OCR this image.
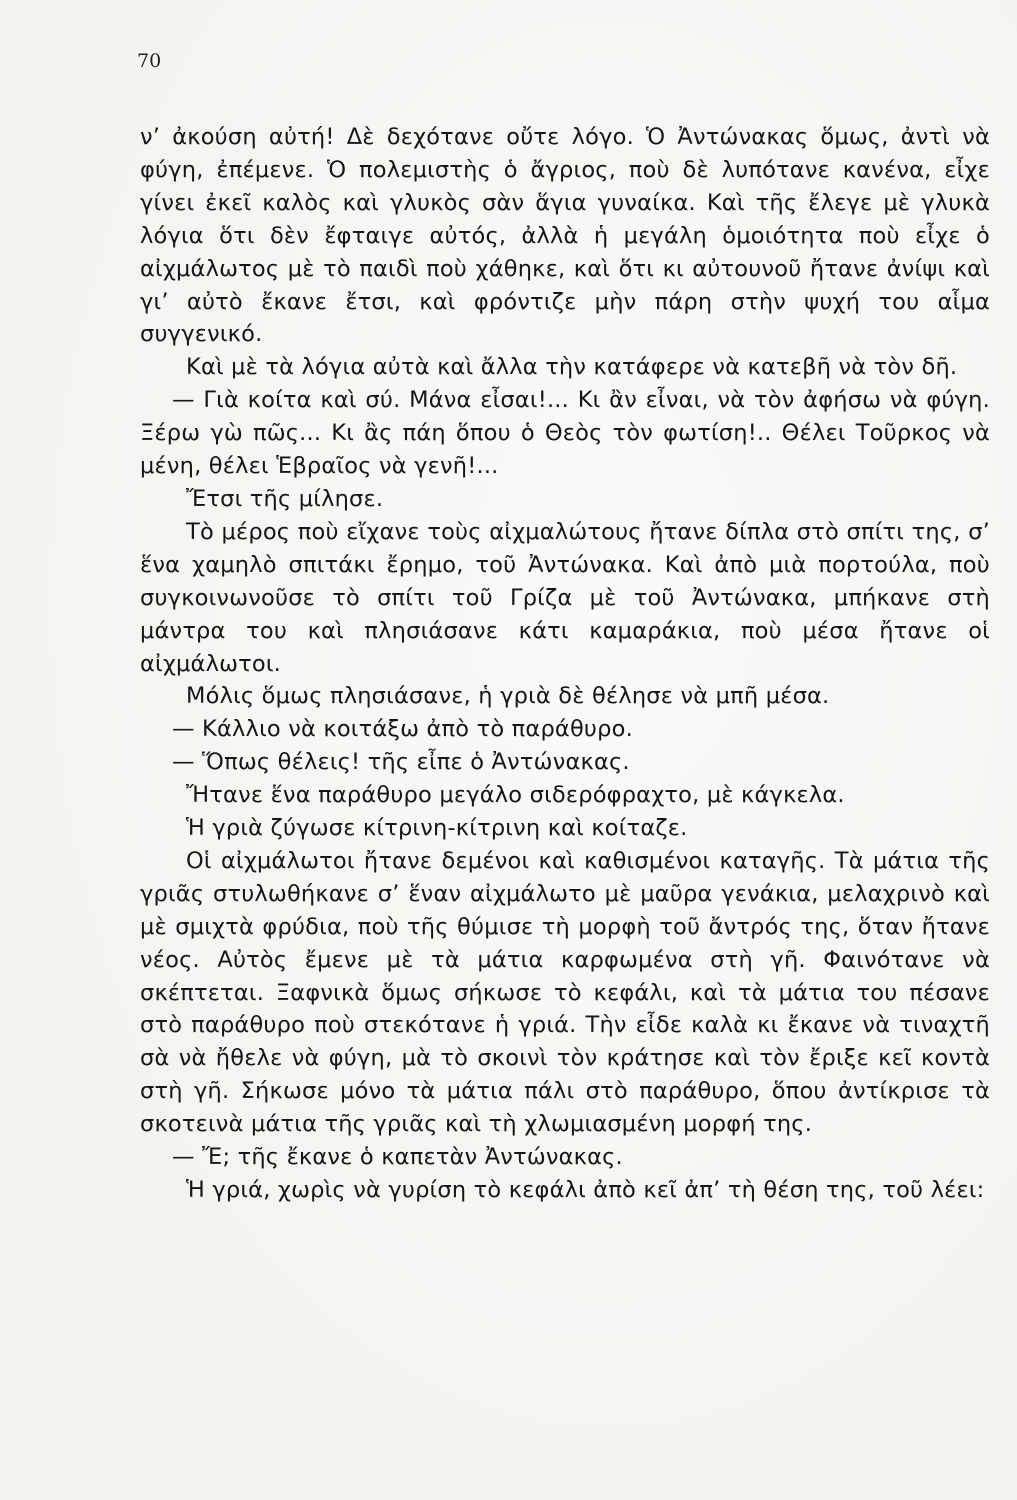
70

ν’ ἀκούση αὐτή! Δὲ δεχότανε οὔτε λόγο. Ὁ Ἀντώνακας ὅμως, ἀντὶ νὰ φύγη, ἐπέμενε. Ὁ πολεμιστὴς ὁ ἄγριος, ποὺ δὲ λυπότανε κανένα, εἶχε γίνει ἐκεῖ καλὸς καὶ γλυκὸς σὰν ἅγια γυναίκα. Καὶ τῆς ἔλεγε μὲ γλυκὰ λόγια ὅτι δὲν ἔφταιγε αὐτός, ἀλλὰ ἡ μεγάλη ὁμοιότητα ποὺ εἶχε ὁ αἰχμάλωτος μὲ τὸ παιδὶ ποὺ χάθηκε, καὶ ὅτι κι αὐτουνοῦ ἤτανε ἀνίψι καὶ γι’ αὐτὸ ἔκανε ἔτσι, καὶ φρόντιζε μὴν πάρη στὴν ψυχή του αἷμα συγγενικό.

Καὶ μὲ τὰ λόγια αὐτὰ καὶ ἄλλα τὴν κατάφερε νὰ κατεβῆ νὰ τὸν δῆ.

— Γιὰ κοίτα καὶ σύ. Μάνα εἶσαι!... Κι ἂν εἶναι, νὰ τὸν ἀφήσω νὰ φύγη. Ξέρω γὼ πῶς... Κι ἂς πάη ὅπου ὁ Θεὸς τὸν φωτίση!.. Θέλει Τοῦρκος νὰ μένη, θέλει Ἑβραῖος νὰ γενῆ!...

Ἔτσι τῆς μίλησε.

Τὸ μέρος ποὺ εἴχανε τοὺς αἰχμαλώτους ἤτανε δίπλα στὸ σπίτι της, σ’ ἕνα χαμηλὸ σπιτάκι ἔρημο, τοῦ Ἀντώνακα. Καὶ ἀπὸ μιὰ πορτούλα, ποὺ συγκοινωνοῦσε τὸ σπίτι τοῦ Γρίζα μὲ τοῦ Ἀντώνακα, μπήκανε στὴ μάντρα του καὶ πλησιάσανε κάτι καμαράκια, ποὺ μέσα ἤτανε οἱ αἰχμάλωτοι.

Μόλις ὅμως πλησιάσανε, ἡ γριὰ δὲ θέλησε νὰ μπῆ μέσα.

— Κάλλιο νὰ κοιτάξω ἀπὸ τὸ παράθυρο.

— Ὅπως θέλεις! τῆς εἶπε ὁ Ἀντώνακας.

Ἤτανε ἕνα παράθυρο μεγάλο σιδερόφραχτο, μὲ κάγκελα.

Ἡ γριὰ ζύγωσε κίτρινη-κίτρινη καὶ κοίταζε.

Οἱ αἰχμάλωτοι ἤτανε δεμένοι καὶ καθισμένοι καταγῆς. Τὰ μάτια τῆς γριᾶς στυλωθήκανε σ’ ἕναν αἰχμάλωτο μὲ μαῦρα γενάκια, μελαχρινὸ καὶ μὲ σμιχτὰ φρύδια, ποὺ τῆς θύμισε τὴ μορφὴ τοῦ ἄντρός της, ὅταν ἤτανε νέος. Αὐτὸς ἔμενε μὲ τὰ μάτια καρφωμένα στὴ γῆ. Φαινότανε νὰ σκέπτεται. Ξαφνικὰ ὅμως σήκωσε τὸ κεφάλι, καὶ τὰ μάτια του πέσανε στὸ παράθυρο ποὺ στεκότανε ἡ γριά. Τὴν εἶδε καλὰ κι ἔκανε νὰ τιναχτῆ σὰ νὰ ἤθελε νὰ φύγη, μὰ τὸ σκοινὶ τὸν κράτησε καὶ τὸν ἔριξε κεῖ κοντὰ στὴ γῆ. Σήκωσε μόνο τὰ μάτια πάλι στὸ παράθυρο, ὅπου ἀντίκρισε τὰ σκοτεινὰ μάτια τῆς γριᾶς καὶ τὴ χλωμιασμένη μορφή της.

— Ἔ; τῆς ἔκανε ὁ καπετὰν Ἀντώνακας.

Ἡ γριά, χωρὶς νὰ γυρίση τὸ κεφάλι ἀπὸ κεῖ ἀπ’ τὴ θέση της, τοῦ λέει:
